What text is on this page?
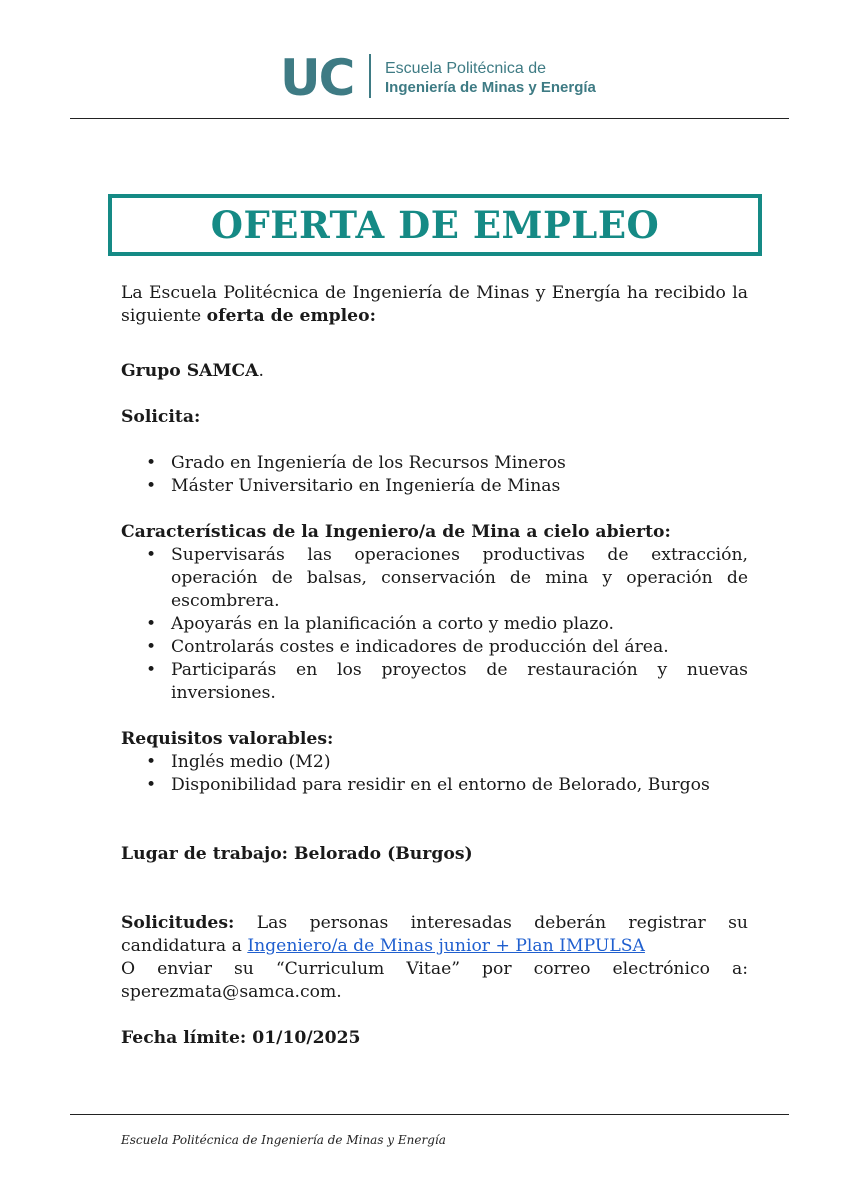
UC Escuela Politécnica de
Ingeniería de Minas y Energía
OFERTA DE EMPLEO

La Escuela Politécnica de Ingeniería de Minas y Energía ha recibido la siguiente oferta de empleo:

Grupo SAMCA.

Solicita:

• Grado en Ingeniería de los Recursos Mineros
• Máster Universitario en Ingeniería de Minas

Características de la Ingeniero/a de Mina a cielo abierto:

• Supervisarás las operaciones productivas de extracción, operación de balsas, conservación de mina y operación de escombrera.
• Apoyarás en la planificación a corto y medio plazo.
• Controlarás costes e indicadores de producción del área.
• Participarás en los proyectos de restauración y nuevas inversiones.

Requisitos valorables:

• Inglés medio (M2)
• Disponibilidad para residir en el entorno de Belorado, Burgos

Lugar de trabajo: Belorado (Burgos)

Solicitudes: Las personas interesadas deberán registrar su candidatura a Ingeniero/a de Minas junior + Plan IMPULSA

O enviar su “Curriculum Vitae” por correo electrónico a: sperezmata@samca.com.

Fecha límite: 01/10/2025

Escuela Politécnica de Ingeniería de Minas y Energía
